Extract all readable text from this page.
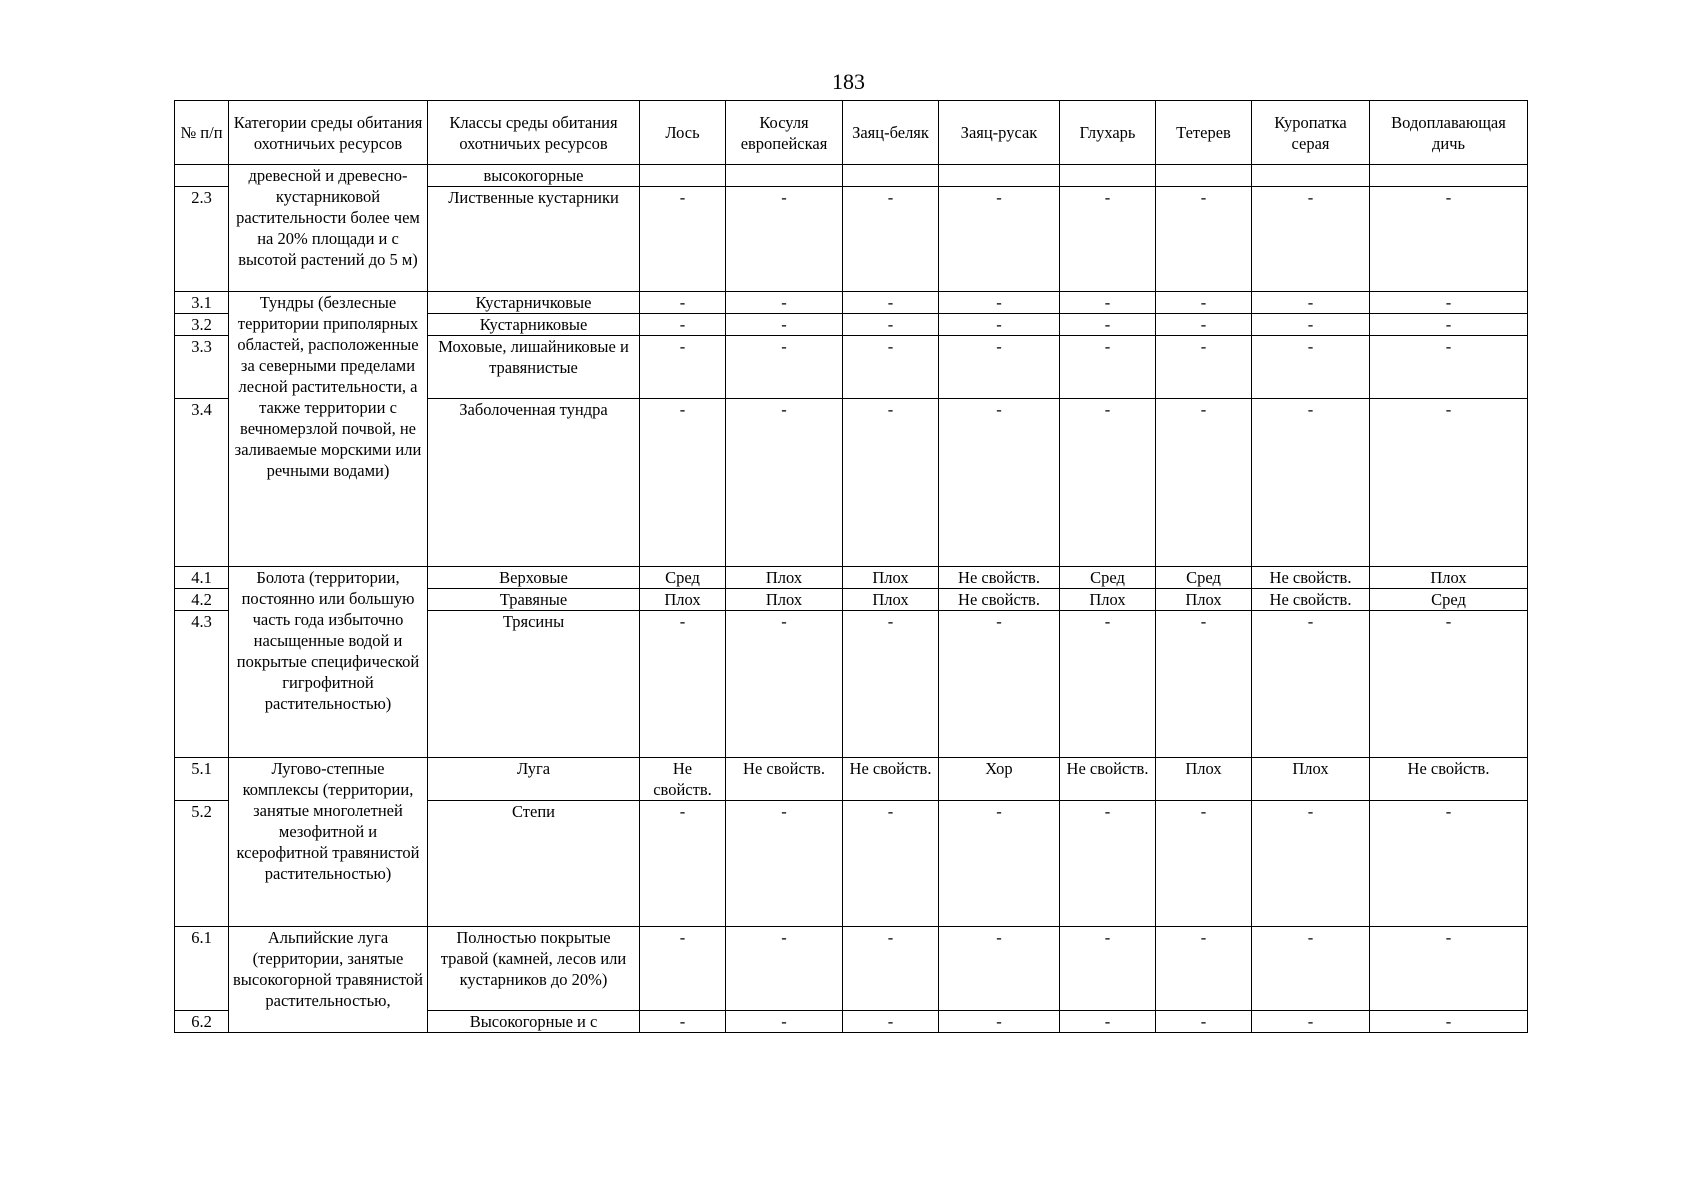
183
№ п/п	Категории среды обитания охотничьих ресурсов	Классы среды обитания охотничьих ресурсов	Лось	Косуля европейская	Заяц-беляк	Заяц-русак	Глухарь	Тетерев	Куропатка серая	Водоплавающая дичь
	древесной и древесно-кустарниковой растительности более чем на 20% площади и с высотой растений до 5 м)	высокогорные								
2.3		Лиственные кустарники	-	-	-	-	-	-	-	-
3.1	Тундры (безлесные территории приполярных областей, расположенные за северными пределами лесной растительности, а также территории с вечномерзлой почвой, не заливаемые морскими или речными водами)	Кустарничковые	-	-	-	-	-	-	-	-
3.2		Кустарниковые	-	-	-	-	-	-	-	-
3.3		Моховые, лишайниковые и травянистые	-	-	-	-	-	-	-	-
3.4		Заболоченная тундра	-	-	-	-	-	-	-	-
4.1	Болота (территории, постоянно или большую часть года избыточно насыщенные водой и покрытые специфической гигрофитной растительностью)	Верховые	Сред	Плох	Плох	Не свойств.	Сред	Сред	Не свойств.	Плох
4.2		Травяные	Плох	Плох	Плох	Не свойств.	Плох	Плох	Не свойств.	Сред
4.3		Трясины	-	-	-	-	-	-	-	-
5.1	Лугово-степные комплексы (территории, занятые многолетней мезофитной и ксерофитной травянистой растительностью)	Луга	Не свойств.	Не свойств.	Не свойств.	Хор	Не свойств.	Плох	Плох	Не свойств.
5.2		Степи	-	-	-	-	-	-	-	-
6.1	Альпийские луга (территории, занятые высокогорной травянистой растительностью,	Полностью покрытые травой (камней, лесов или кустарников до 20%)	-	-	-	-	-	-	-	-
6.2		Высокогорные и с	-	-	-	-	-	-	-	-
